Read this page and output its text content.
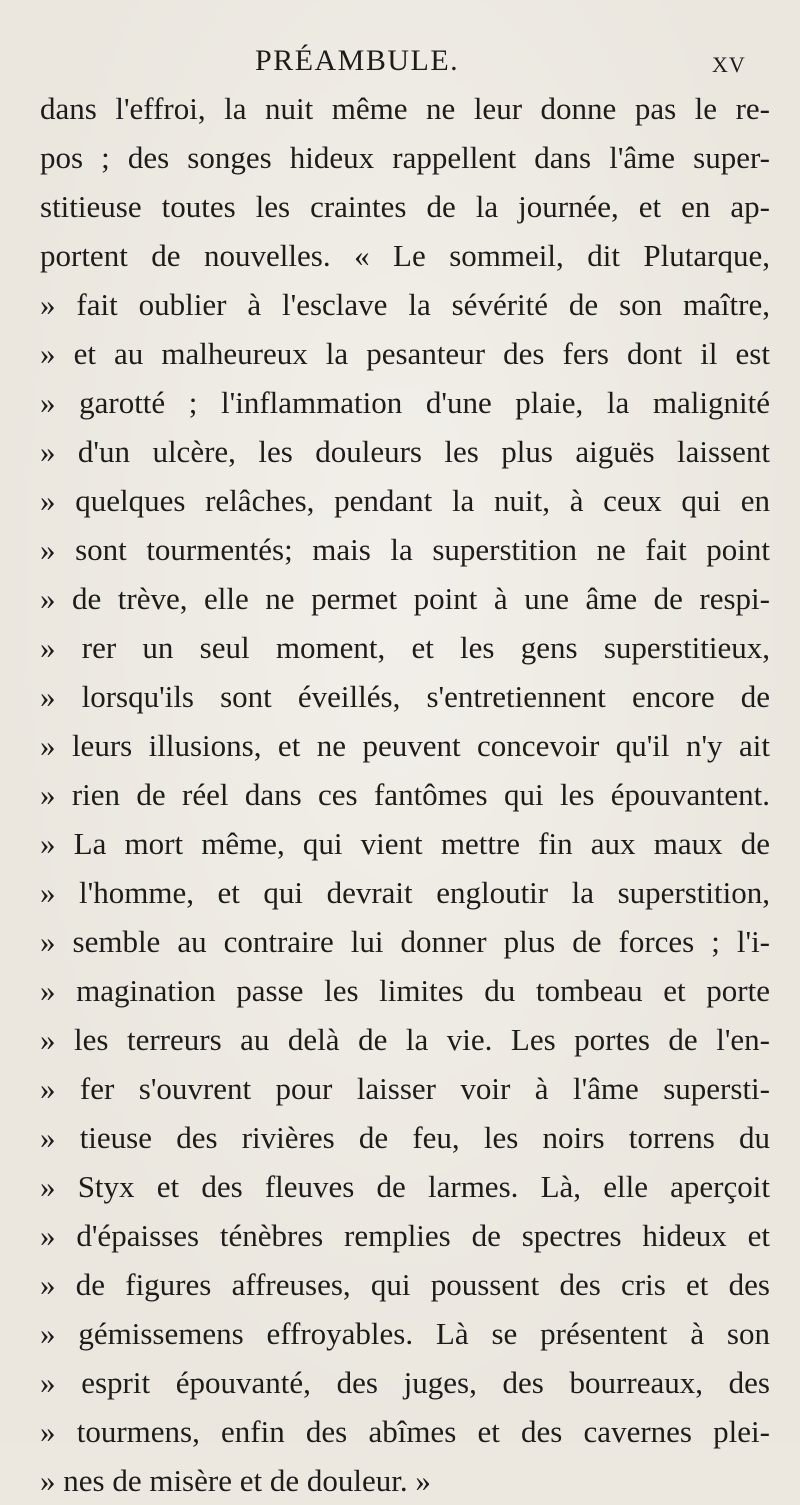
PRÉAMBULE.	XV
dans l'effroi, la nuit même ne leur donne pas le re-
pos ; des songes hideux rappellent dans l'âme super-
stitieuse toutes les craintes de la journée, et en ap-
portent de nouvelles. « Le sommeil, dit Plutarque,
» fait oublier à l'esclave la sévérité de son maître,
» et au malheureux la pesanteur des fers dont il est
» garotté ; l'inflammation d'une plaie, la malignité
» d'un ulcère, les douleurs les plus aiguës laissent
» quelques relâches, pendant la nuit, à ceux qui en
» sont tourmentés; mais la superstition ne fait point
» de trève, elle ne permet point à une âme de respi-
» rer un seul moment, et les gens superstitieux,
» lorsqu'ils sont éveillés, s'entretiennent encore de
» leurs illusions, et ne peuvent concevoir qu'il n'y ait
» rien de réel dans ces fantômes qui les épouvantent.
» La mort même, qui vient mettre fin aux maux de
» l'homme, et qui devrait engloutir la superstition,
» semble au contraire lui donner plus de forces ; l'i-
» magination passe les limites du tombeau et porte
» les terreurs au delà de la vie. Les portes de l'en-
» fer s'ouvrent pour laisser voir à l'âme supersti-
» tieuse des rivières de feu, les noirs torrens du
» Styx et des fleuves de larmes. Là, elle aperçoit
» d'épaisses ténèbres remplies de spectres hideux et
» de figures affreuses, qui poussent des cris et des
» gémissemens effroyables. Là se présentent à son
» esprit épouvanté, des juges, des bourreaux, des
» tourmens, enfin des abîmes et des cavernes plei-
» nes de misère et de douleur. »
